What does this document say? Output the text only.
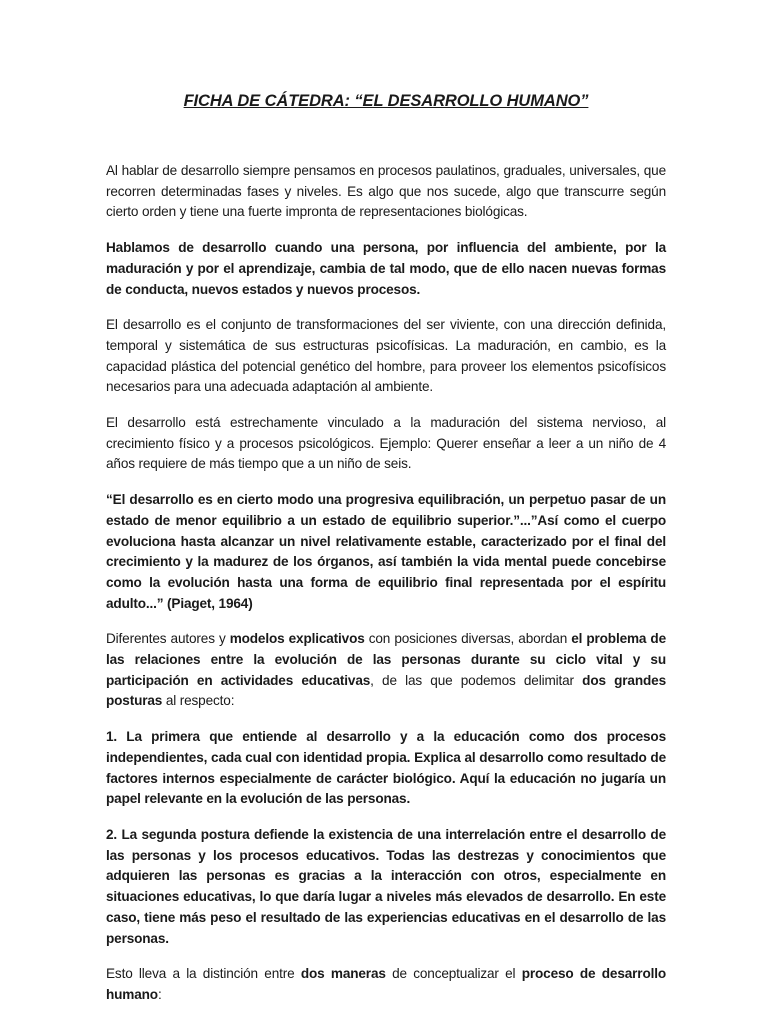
FICHA DE CÁTEDRA: “EL DESARROLLO HUMANO”

Al hablar de desarrollo siempre pensamos en procesos paulatinos, graduales, universales, que recorren determinadas fases y niveles. Es algo que nos sucede, algo que transcurre según cierto orden y tiene una fuerte impronta de representaciones biológicas.

Hablamos de desarrollo cuando una persona, por influencia del ambiente, por la maduración y por el aprendizaje, cambia de tal modo, que de ello nacen nuevas formas de conducta, nuevos estados y nuevos procesos.

El desarrollo es el conjunto de transformaciones del ser viviente, con una dirección definida, temporal y sistemática de sus estructuras psicofísicas. La maduración, en cambio, es la capacidad plástica del potencial genético del hombre, para proveer los elementos psicofísicos necesarios para una adecuada adaptación al ambiente.

El desarrollo está estrechamente vinculado a la maduración del sistema nervioso, al crecimiento físico y a procesos psicológicos. Ejemplo: Querer enseñar a leer a un niño de 4 años requiere de más tiempo que a un niño de seis.

“El desarrollo es en cierto modo una progresiva equilibración, un perpetuo pasar de un estado de menor equilibrio a un estado de equilibrio superior.”...”Así como el cuerpo evoluciona hasta alcanzar un nivel relativamente estable, caracterizado por el final del crecimiento y la madurez de los órganos, así también la vida mental puede concebirse como la evolución hasta una forma de equilibrio final representada por el espíritu adulto...” (Piaget, 1964)

Diferentes autores y modelos explicativos con posiciones diversas, abordan el problema de las relaciones entre la evolución de las personas durante su ciclo vital y su participación en actividades educativas, de las que podemos delimitar dos grandes posturas al respecto:

1. La primera que entiende al desarrollo y a la educación como dos procesos independientes, cada cual con identidad propia. Explica al desarrollo como resultado de factores internos especialmente de carácter biológico. Aquí la educación no jugaría un papel relevante en la evolución de las personas.

2. La segunda postura defiende la existencia de una interrelación entre el desarrollo de las personas y los procesos educativos. Todas las destrezas y conocimientos que adquieren las personas es gracias a la interacción con otros, especialmente en situaciones educativas, lo que daría lugar a niveles más elevados de desarrollo. En este caso, tiene más peso el resultado de las experiencias educativas en el desarrollo de las personas.

Esto lleva a la distinción entre dos maneras de conceptualizar el proceso de desarrollo humano:
